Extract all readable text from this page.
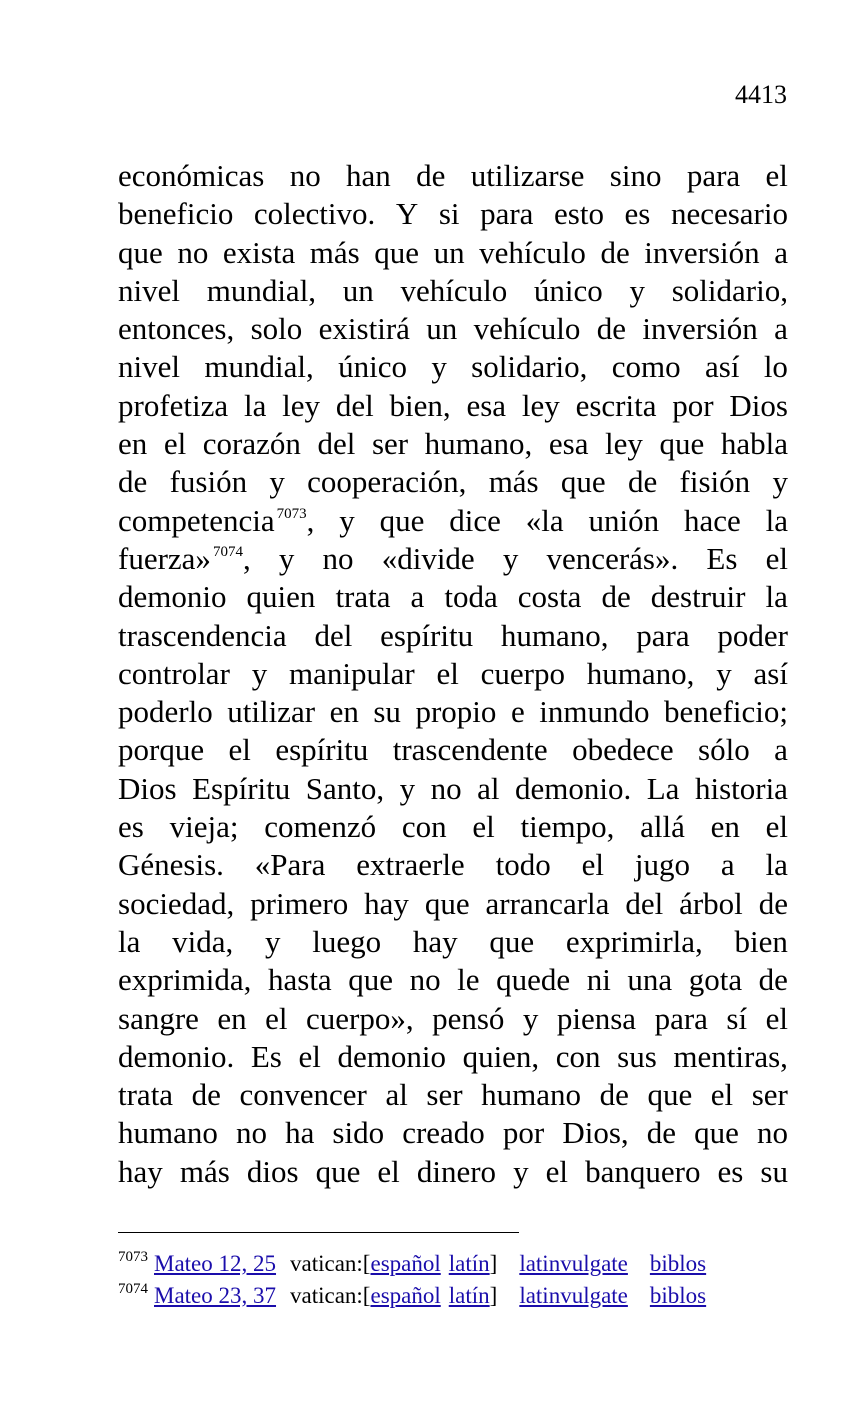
4413
económicas no han de utilizarse sino para el
beneficio colectivo. Y si para esto es necesario
que no exista más que un vehículo de inversión a
nivel mundial, un vehículo único y solidario,
entonces, solo existirá un vehículo de inversión a
nivel mundial, único y solidario, como así lo
profetiza la ley del bien, esa ley escrita por Dios
en el corazón del ser humano, esa ley que habla
de fusión y cooperación, más que de fisión y
competencia $^{7073}$, y que dice «la unión hace la
fuerza» $^{7074}$, y no «divide y vencerás». Es el
demonio quien trata a toda costa de destruir la
trascendencia del espíritu humano, para poder
controlar y manipular el cuerpo humano, y así
poderlo utilizar en su propio e inmundo beneficio;
porque el espíritu trascendente obedece sólo a
Dios Espíritu Santo, y no al demonio. La historia
es vieja; comenzó con el tiempo, allá en el
Génesis. «Para extraerle todo el jugo a la
sociedad, primero hay que arrancarla del árbol de
la vida, y luego hay que exprimirla, bien
exprimida, hasta que no le quede ni una gota de
sangre en el cuerpo», pensó y piensa para sí el
demonio. Es el demonio quien, con sus mentiras,
trata de convencer al ser humano de que el ser
humano no ha sido creado por Dios, de que no
hay más dios que el dinero y el banquero es su
$^{7073}$ Mateo 12, 25 vatican:[español latín] latinvulgate biblos
$^{7074}$ Mateo 23, 37 vatican:[español latín] latinvulgate biblos
